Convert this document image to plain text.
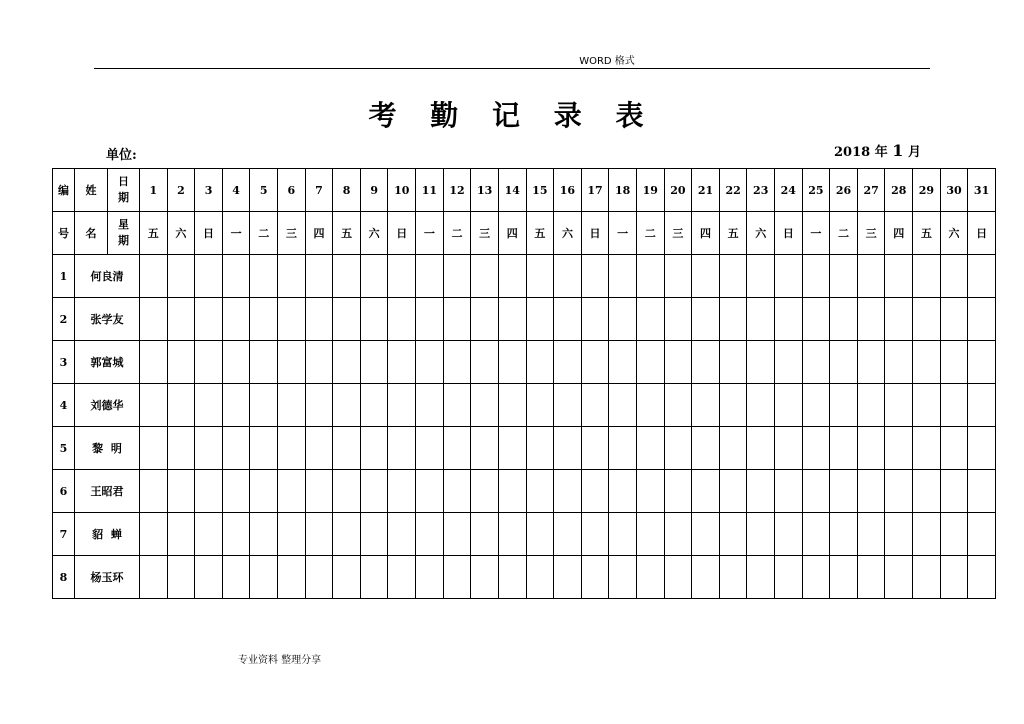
WORD 格式
考 勤 记 录 表
单位:	2018 年 1 月
编	姓	日期	1	2	3	4	5	6	7	8	9	10	11	12	13	14	15	16	17	18	19	20	21	22	23	24	25	26	27	28	29	30	31
号	名	星期	五	六	日	一	二	三	四	五	六	日	一	二	三	四	五	六	日	一	二	三	四	五	六	日	一	二	三	四	五	六	日
1	何良清																																
2	张学友																																
3	郭富城																																
4	刘德华																																
5	黎  明																																
6	王昭君																																
7	貂  蝉																																
8	杨玉环																																
专业资料 整理分享
